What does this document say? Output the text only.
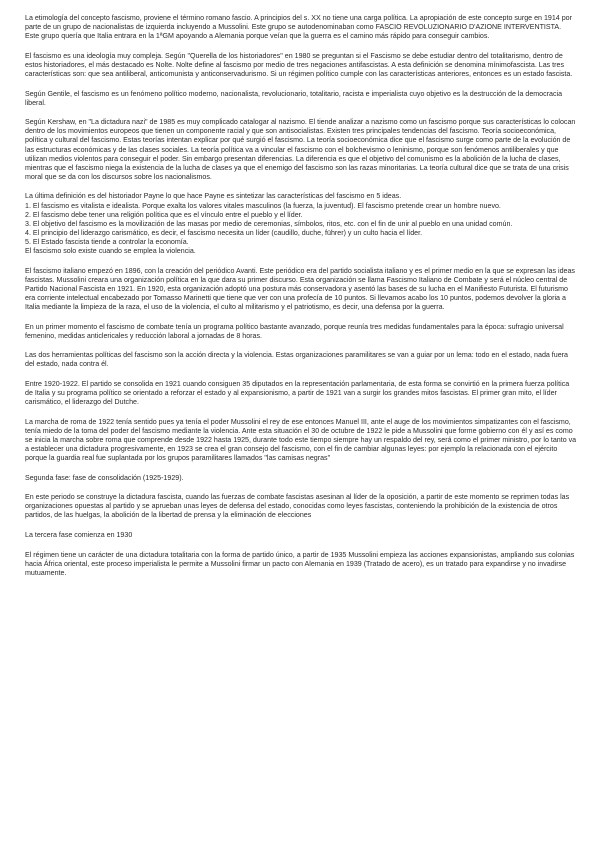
La etimología del concepto fascismo, proviene el término romano fascio. A principios del s. XX no tiene una carga política. La apropiación de este concepto surge en 1914 por parte de un grupo de nacionalistas de izquierda incluyendo a Mussolini. Este grupo se autodenominaban como FASCIO REVOLUZIONARIO D'AZIONE INTERVENTISTA. Este grupo quería que Italia entrara en la 1ªGM apoyando a Alemania porque veían que la guerra es el camino más rápido para conseguir cambios.

El fascismo es una ideología muy compleja. Según "Querella de los historiadores" en 1980 se preguntan si el Fascismo se debe estudiar dentro del totalitarismo, dentro de estos historiadores, el más destacado es Nolte. Nolte define al fascismo por medio de tres negaciones antifascistas. A esta definición se denomina mínimofascista. Las tres características son: que sea antiliberal, anticomunista y anticonservadurismo. Si un régimen político cumple con las características anteriores, entonces es un estado fascista.

Según Gentile, el fascismo es un fenómeno político moderno, nacionalista, revolucionario, totalitario, racista e imperialista cuyo objetivo es la destrucción de la democracia liberal.

Según Kershaw, en "La dictadura nazi" de 1985 es muy complicado catalogar al nazismo. El tiende analizar a nazismo como un fascismo porque sus características lo colocan dentro de los movimientos europeos que tienen un componente racial y que son antisocialistas. Existen tres principales tendencias del fascismo. Teoría socioeconómica, política y cultural del fascismo. Estas teorías intentan explicar por qué surgió el fascismo. La teoría socioeconómica dice que el fascismo surge como parte de la evolución de las estructuras económicas y de las clases sociales. La teoría política va a vincular el fascismo con el bolchevismo o leninismo, porque son fenómenos antiliberales y que utilizan medios violentos para conseguir el poder. Sin embargo presentan diferencias. La diferencia es que el objetivo del comunismo es la abolición de la lucha de clases, mientras que el fascismo niega la existencia de la lucha de clases ya que el enemigo del fascismo son las razas minoritarias. La teoría cultural dice que se trata de una crisis moral que se da con los discursos sobre los nacionalismos.

La última definición es del historiador Payne lo que hace Payne es sintetizar las características del fascismo en 5 ideas.

1. El fascismo es vitalista e idealista. Porque exalta los valores vitales masculinos (la fuerza, la juventud). El fascismo pretende crear un hombre nuevo.

2. El fascismo debe tener una religión política que es el vínculo entre el pueblo y el líder.

3. El objetivo del fascismo es la movilización de las masas por medio de ceremonias, símbolos, ritos, etc. con el fin de unir al pueblo en una unidad común.

4. El principio del liderazgo carismático, es decir, el fascismo necesita un líder (caudillo, duche, führer) y un culto hacia el líder.

5. El Estado fascista tiende a controlar la economía.

El fascismo solo existe cuando se emplea la violencia.

El fascismo italiano empezó en 1896, con la creación del periódico Avanti. Este periódico era del partido socialista italiano y es el primer medio en la que se expresan las ideas fascistas. Mussolini creara una organización política en la que dara su primer discurso. Esta organización se llama Fascismo Italiano de Combate y será el núcleo central de Partido Nacional Fascista en 1921. En 1920, esta organización adoptó una postura más conservadora y asentó las bases de su lucha en el Manifiesto Futurista. El futurismo era corriente intelectual encabezado por Tomasso Marinetti que tiene que ver con una profecía de 10 puntos. Si llevamos acabo los 10 puntos, podemos devolver la gloria a Italia mediante la limpieza de la raza, el uso de la violencia, el culto al militarismo y el patriotismo, es decir, una defensa por la guerra.

En un primer momento el fascismo de combate tenía un programa político bastante avanzado, porque reunía tres medidas fundamentales para la época: sufragio universal femenino, medidas anticlericales y reducción laboral a jornadas de 8 horas.

Las dos herramientas políticas del fascismo son la acción directa y la violencia. Estas organizaciones paramilitares se van a guiar por un lema: todo en el estado, nada fuera del estado, nada contra él.

Entre 1920-1922. El partido se consolida en 1921 cuando consiguen 35 diputados en la representación parlamentaria, de esta forma se convirtió en la primera fuerza política de Italia y su programa político se orientado a reforzar el estado y al expansionismo, a partir de 1921 van a surgir los grandes mitos fascistas. El primer gran mito, el líder carismático, el liderazgo del Dutche.

La marcha de roma de 1922 tenía sentido pues ya tenía el poder Mussolini el rey de ese entonces Manuel III, ante el auge de los movimientos simpatizantes con el fascismo, tenía miedo de la toma del poder del fascismo mediante la violencia. Ante esta situación el 30 de octubre de 1922 le pide a Mussolini que forme gobierno con él y así es como se inicia la marcha sobre roma que comprende desde 1922 hasta 1925, durante todo este tiempo siempre hay un respaldo del rey, será como el primer ministro, por lo tanto va a establecer una dictadura progresivamente, en 1923 se crea el gran consejo del fascismo, con el fin de cambiar algunas leyes: por ejemplo la relacionada con el ejército porque la guardia real fue suplantada por los grupos paramilitares llamados "las camisas negras"

Segunda fase: fase de consolidación (1925-1929).

En este periodo se construye la dictadura fascista, cuando las fuerzas de combate fascistas asesinan al líder de la oposición, a partir de este momento se reprimen todas las organizaciones opuestas al partido y se aprueban unas leyes de defensa del estado, conocidas como leyes fascistas, conteniendo la prohibición de la existencia de otros partidos, de las huelgas, la abolición de la libertad de prensa y la eliminación de elecciones

La tercera fase comienza en 1930

El régimen tiene un carácter de una dictadura totalitaria con la forma de partido único, a partir de 1935 Mussolini empieza las acciones expansionistas, ampliando sus colonias hacia África oriental, este proceso imperialista le permite a Mussolini firmar un pacto con Alemania en 1939 (Tratado de acero), es un tratado para expandirse y no invadirse mutuamente.
